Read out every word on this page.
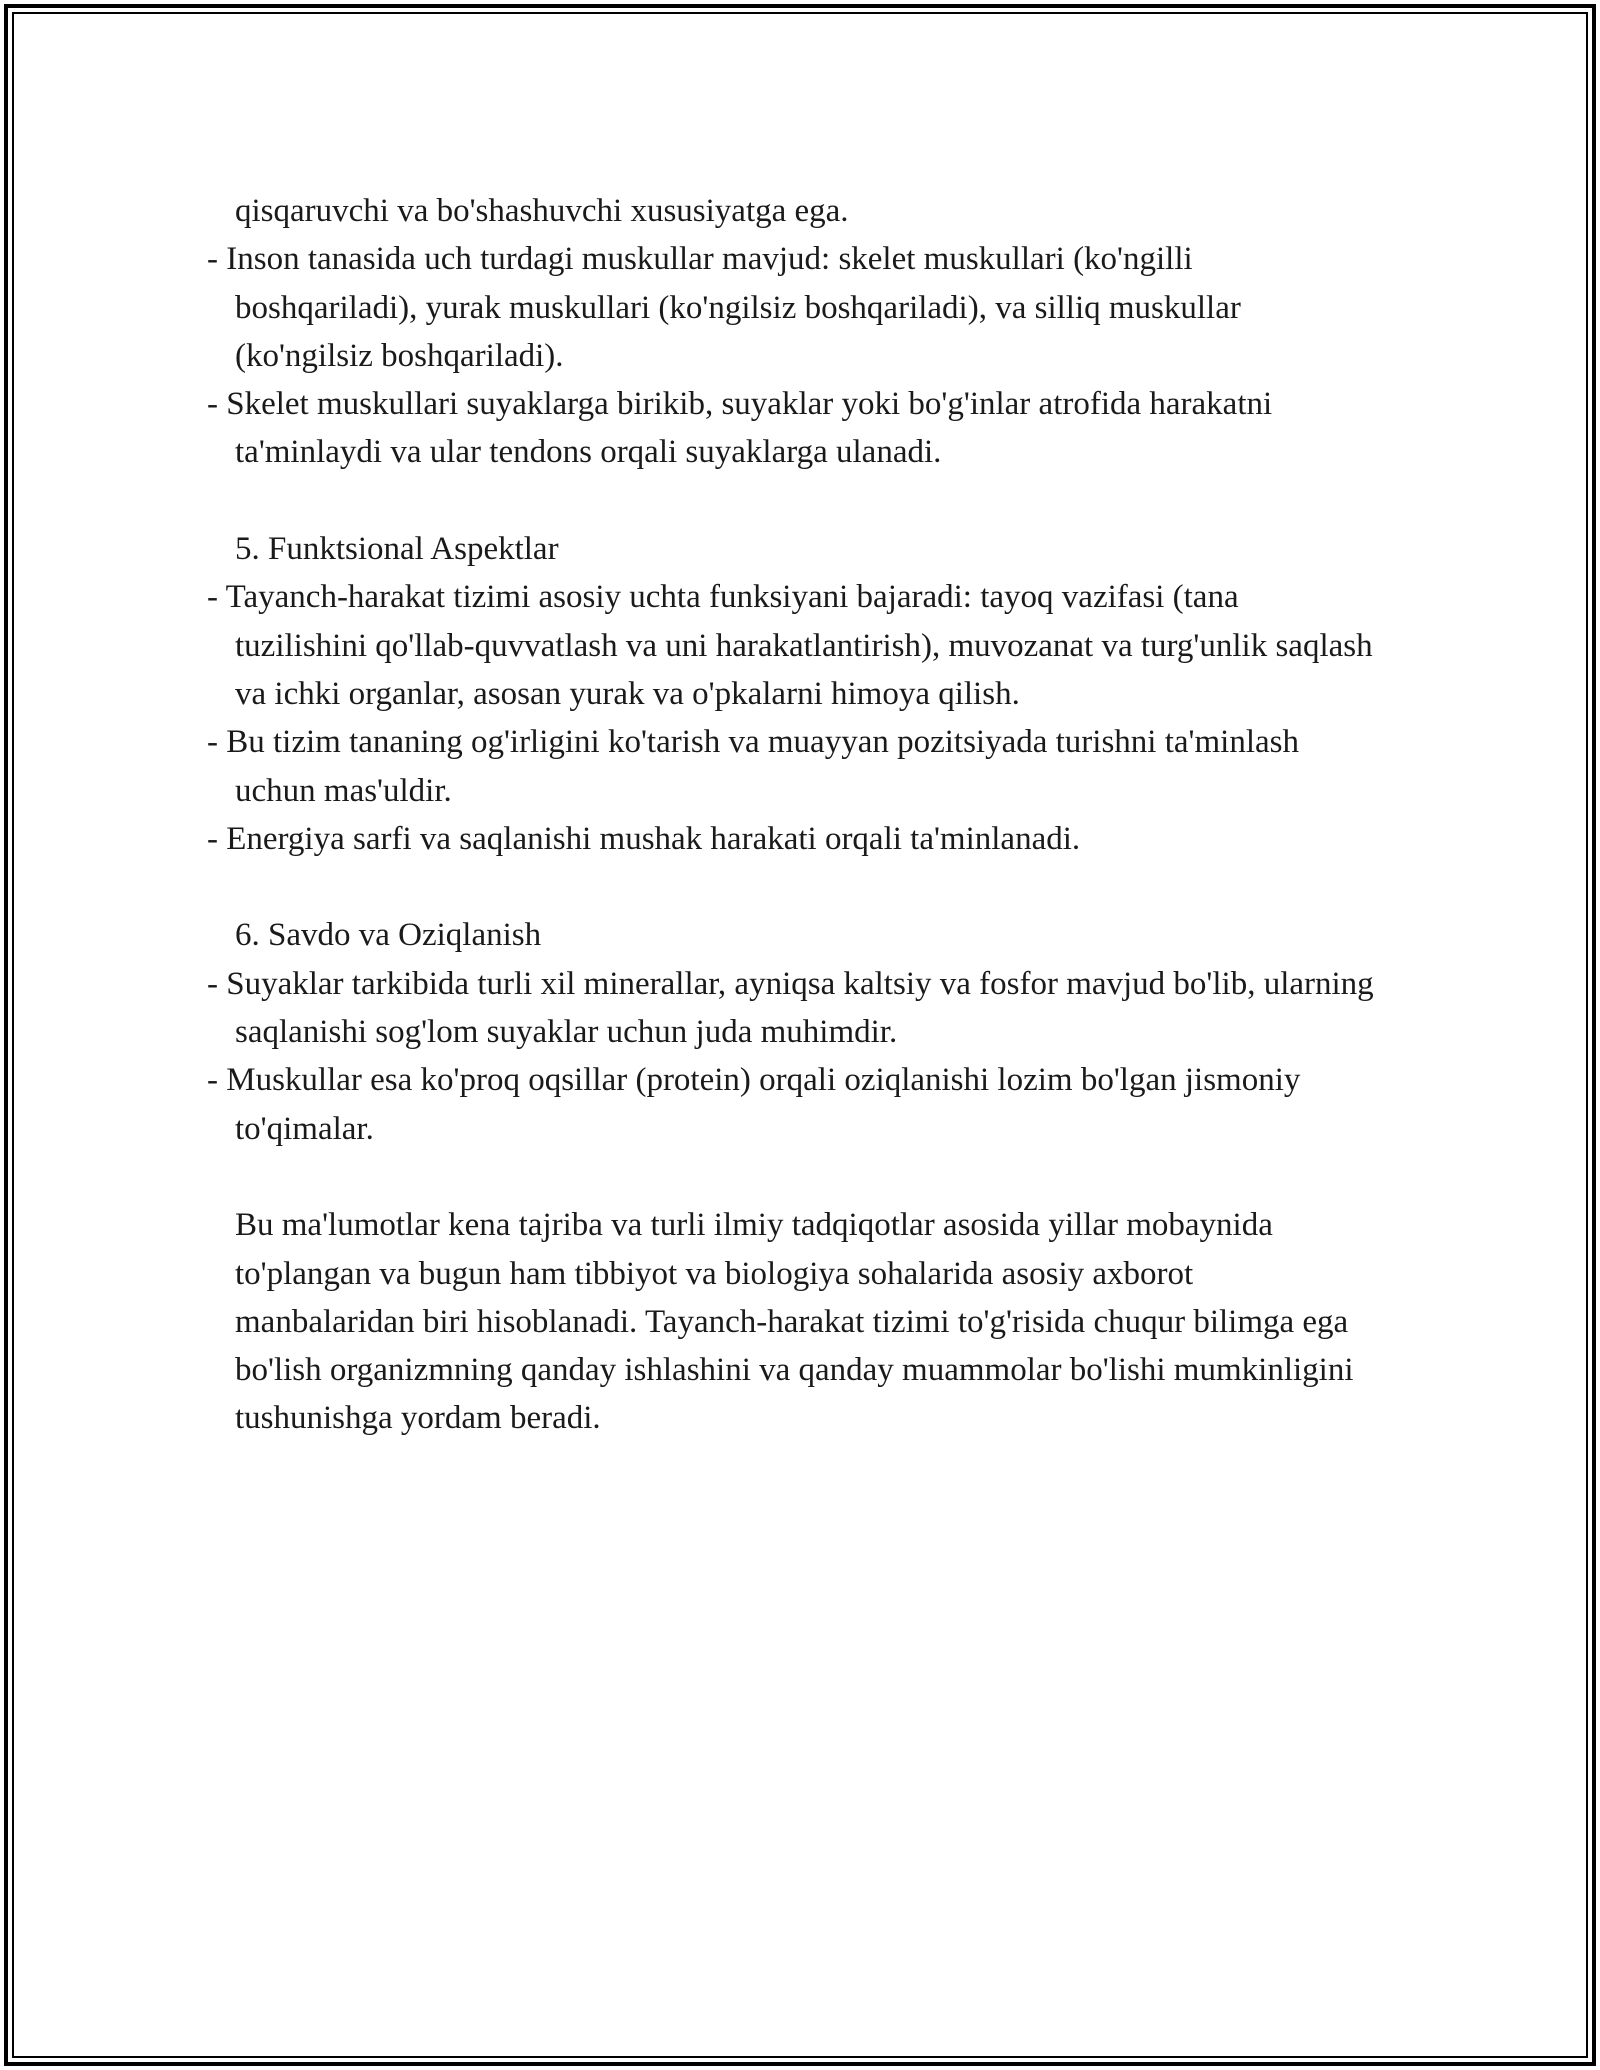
qisqaruvchi va bo'shashuvchi xususiyatga ega.

- Inson tanasida uch turdagi muskullar mavjud: skelet muskullari (ko'ngilli boshqariladi), yurak muskullari (ko'ngilsiz boshqariladi), va silliq muskullar (ko'ngilsiz boshqariladi).

- Skelet muskullari suyaklarga birikib, suyaklar yoki bo'g'inlar atrofida harakatni ta'minlaydi va ular tendons orqali suyaklarga ulanadi.

5. Funktsional Aspektlar

- Tayanch-harakat tizimi asosiy uchta funksiyani bajaradi: tayoq vazifasi (tana tuzilishini qo'llab-quvvatlash va uni harakatlantirish), muvozanat va turg'unlik saqlash va ichki organlar, asosan yurak va o'pkalarni himoya qilish.

- Bu tizim tananing og'irligini ko'tarish va muayyan pozitsiyada turishni ta'minlash uchun mas'uldir.

- Energiya sarfi va saqlanishi mushak harakati orqali ta'minlanadi.

6. Savdo va Oziqlanish

- Suyaklar tarkibida turli xil minerallar, ayniqsa kaltsiy va fosfor mavjud bo'lib, ularning saqlanishi sog'lom suyaklar uchun juda muhimdir.

- Muskullar esa ko'proq oqsillar (protein) orqali oziqlanishi lozim bo'lgan jismoniy to'qimalar.

Bu ma'lumotlar kena tajriba va turli ilmiy tadqiqotlar asosida yillar mobaynida to'plangan va bugun ham tibbiyot va biologiya sohalarida asosiy axborot manbalaridan biri hisoblanadi. Tayanch-harakat tizimi to'g'risida chuqur bilimga ega bo'lish organizmning qanday ishlashini va qanday muammolar bo'lishi mumkinligini tushunishga yordam beradi.
